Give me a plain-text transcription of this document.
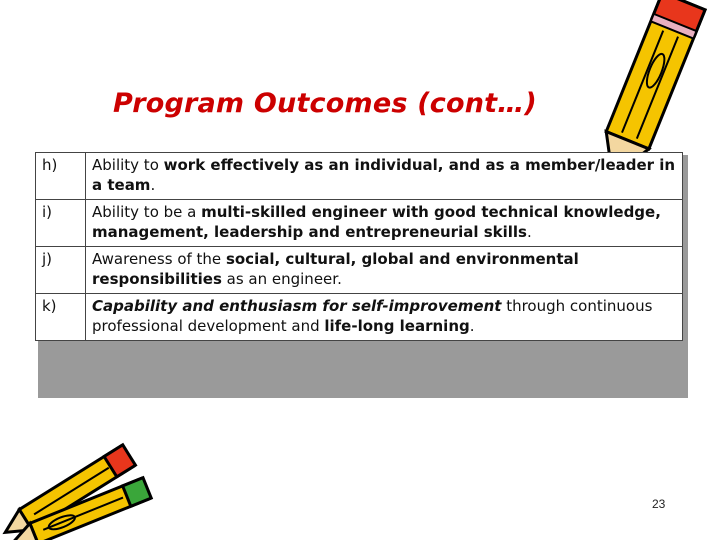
Program Outcomes (cont…)
h)	Ability to work effectively as an individual, and as a member/leader in a team.
i)	Ability to be a multi-skilled engineer with good technical knowledge, management, leadership and entrepreneurial skills.
j)	Awareness of the social, cultural, global and environmental responsibilities as an engineer.
k)	Capability and enthusiasm for self-improvement through continuous professional development and life-long learning.
23
